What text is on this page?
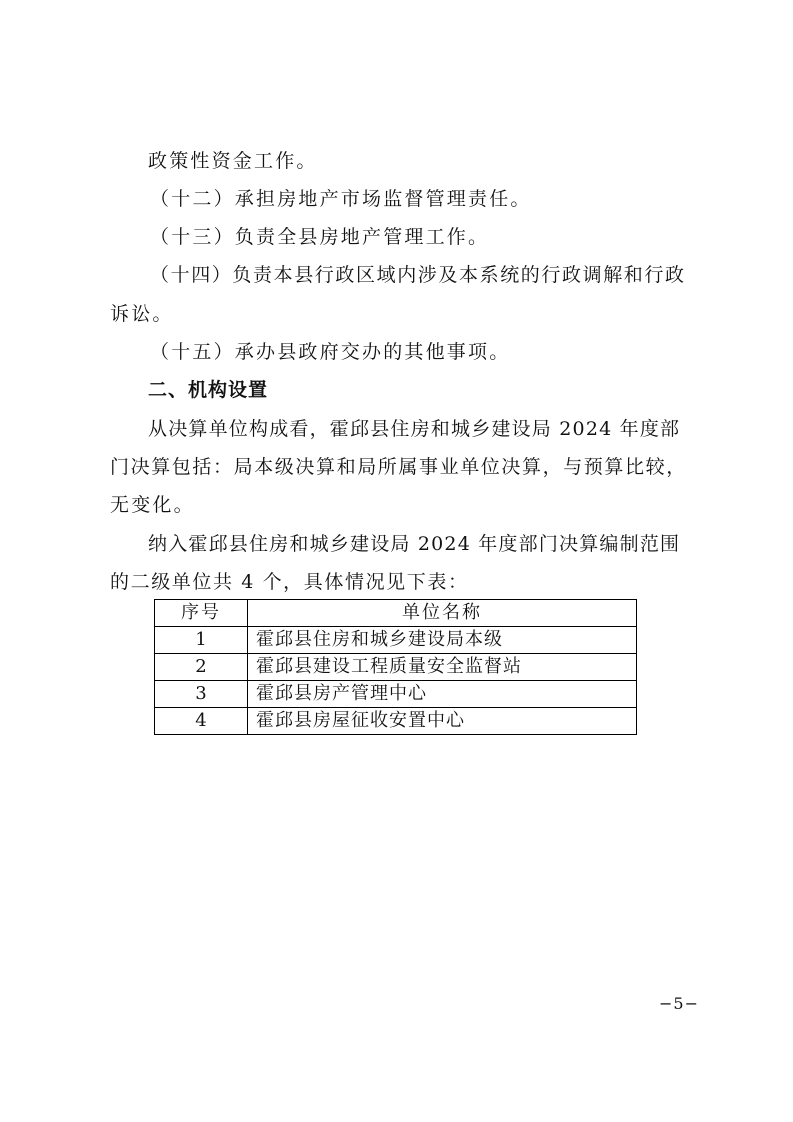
政策性资金工作。
（十二）承担房地产市场监督管理责任。
（十三）负责全县房地产管理工作。
（十四）负责本县行政区域内涉及本系统的行政调解和行政
诉讼。
（十五）承办县政府交办的其他事项。
二、机构设置
从决算单位构成看，霍邱县住房和城乡建设局 2024 年度部
门决算包括：局本级决算和局所属事业单位决算，与预算比较，
无变化。
纳入霍邱县住房和城乡建设局 2024 年度部门决算编制范围
的二级单位共 4 个，具体情况见下表：
序号	单位名称
1	霍邱县住房和城乡建设局本级
2	霍邱县建设工程质量安全监督站
3	霍邱县房产管理中心
4	霍邱县房屋征收安置中心
−5−
